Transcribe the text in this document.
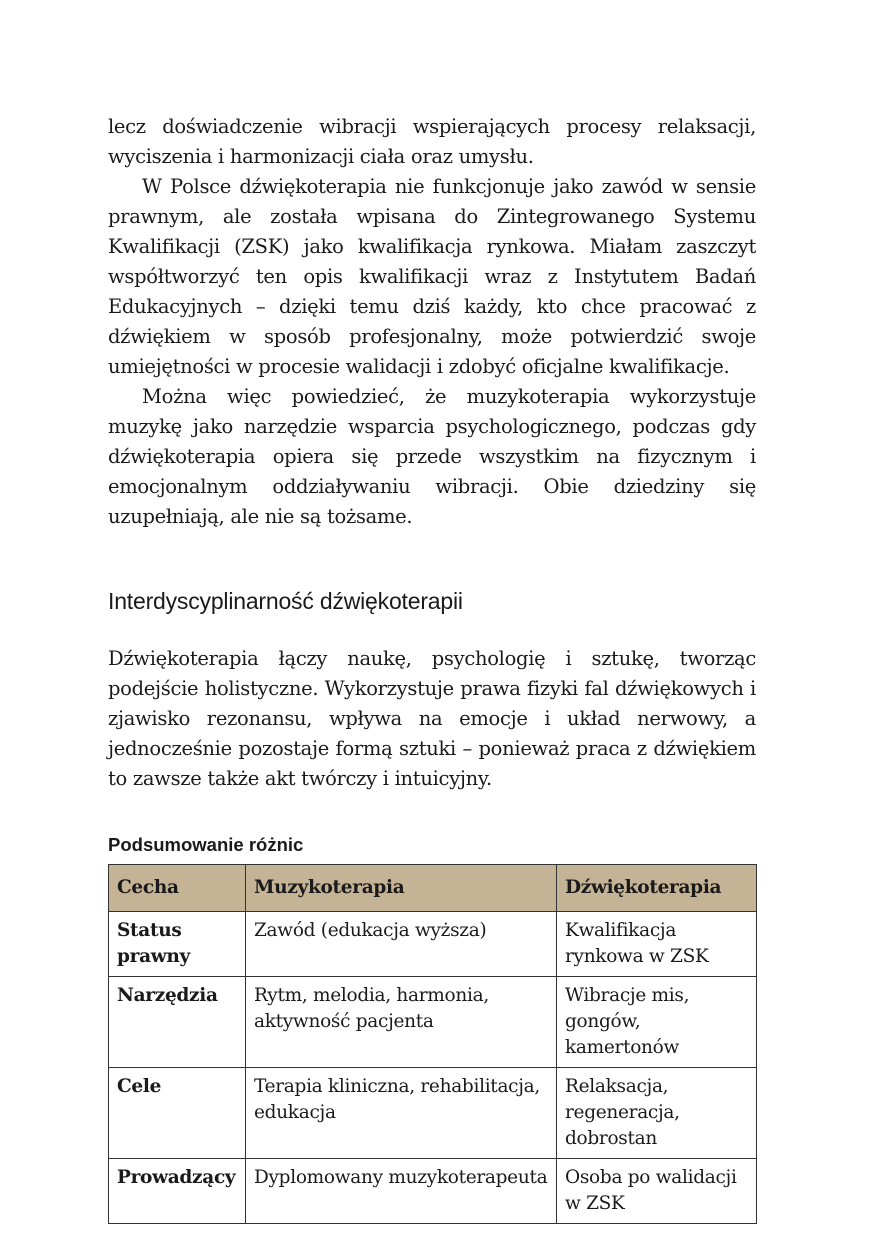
lecz doświadczenie wibracji wspierających procesy relaksacji, wyciszenia i harmonizacji ciała oraz umysłu.

W Polsce dźwiękoterapia nie funkcjonuje jako zawód w sensie prawnym, ale została wpisana do Zintegrowanego Systemu Kwalifikacji (ZSK) jako kwalifikacja rynkowa. Miałam zaszczyt współtworzyć ten opis kwalifikacji wraz z Instytutem Badań Edukacyjnych – dzięki temu dziś każdy, kto chce pracować z dźwiękiem w sposób profesjonalny, może potwierdzić swoje umiejętności w procesie walidacji i zdobyć oficjalne kwalifikacje.

Można więc powiedzieć, że muzykoterapia wykorzystuje muzykę jako narzędzie wsparcia psychologicznego, podczas gdy dźwiękoterapia opiera się przede wszystkim na fizycznym i emocjonalnym oddziaływaniu wibracji. Obie dziedziny się uzupełniają, ale nie są tożsame.

Interdyscyplinarność dźwiękoterapii

Dźwiękoterapia łączy naukę, psychologię i sztukę, tworząc podejście holistyczne. Wykorzystuje prawa fizyki fal dźwiękowych i zjawisko rezonansu, wpływa na emocje i układ nerwowy, a jednocześnie pozostaje formą sztuki – ponieważ praca z dźwiękiem to zawsze także akt twórczy i intuicyjny.

Podsumowanie różnic
Cecha	Muzykoterapia	Dźwiękoterapia
Status prawny	Zawód (edukacja wyższa)	Kwalifikacja rynkowa w ZSK
Narzędzia	Rytm, melodia, harmonia, aktywność pacjenta	Wibracje mis, gongów, kamertonów
Cele	Terapia kliniczna, rehabilitacja, edukacja	Relaksacja, regeneracja, dobrostan
Prowadzący	Dyplomowany muzykoterapeuta	Osoba po walidacji w ZSK
